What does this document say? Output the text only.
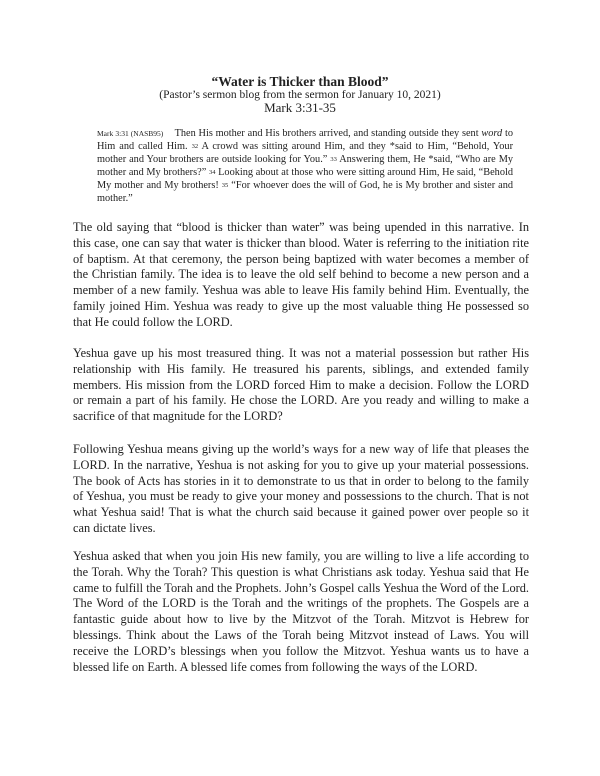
“Water is Thicker than Blood”

(Pastor’s sermon blog from the sermon for January 10, 2021)

Mark 3:31-35

Mark 3:31 (NASB95) Then His mother and His brothers arrived, and standing outside they sent word to Him and called Him. $^{32}$ A crowd was sitting around Him, and they *said to Him, “Behold, Your mother and Your brothers are outside looking for You.” $^{33}$ Answering them, He *said, “Who are My mother and My brothers?” $^{34}$ Looking about at those who were sitting around Him, He said, “Behold My mother and My brothers! $^{35}$ “For whoever does the will of God, he is My brother and sister and mother.”

The old saying that “blood is thicker than water” was being upended in this narrative. In this case, one can say that water is thicker than blood. Water is referring to the initiation rite of baptism. At that ceremony, the person being baptized with water becomes a member of the Christian family. The idea is to leave the old self behind to become a new person and a member of a new family. Yeshua was able to leave His family behind Him. Eventually, the family joined Him. Yeshua was ready to give up the most valuable thing He possessed so that He could follow the LORD.

Yeshua gave up his most treasured thing. It was not a material possession but rather His relationship with His family. He treasured his parents, siblings, and extended family members. His mission from the LORD forced Him to make a decision. Follow the LORD or remain a part of his family. He chose the LORD. Are you ready and willing to make a sacrifice of that magnitude for the LORD?

Following Yeshua means giving up the world’s ways for a new way of life that pleases the LORD. In the narrative, Yeshua is not asking for you to give up your material possessions. The book of Acts has stories in it to demonstrate to us that in order to belong to the family of Yeshua, you must be ready to give your money and possessions to the church. That is not what Yeshua said! That is what the church said because it gained power over people so it can dictate lives.

Yeshua asked that when you join His new family, you are willing to live a life according to the Torah. Why the Torah? This question is what Christians ask today. Yeshua said that He came to fulfill the Torah and the Prophets. John’s Gospel calls Yeshua the Word of the Lord. The Word of the LORD is the Torah and the writings of the prophets. The Gospels are a fantastic guide about how to live by the Mitzvot of the Torah. Mitzvot is Hebrew for blessings. Think about the Laws of the Torah being Mitzvot instead of Laws. You will receive the LORD’s blessings when you follow the Mitzvot. Yeshua wants us to have a blessed life on Earth. A blessed life comes from following the ways of the LORD.
